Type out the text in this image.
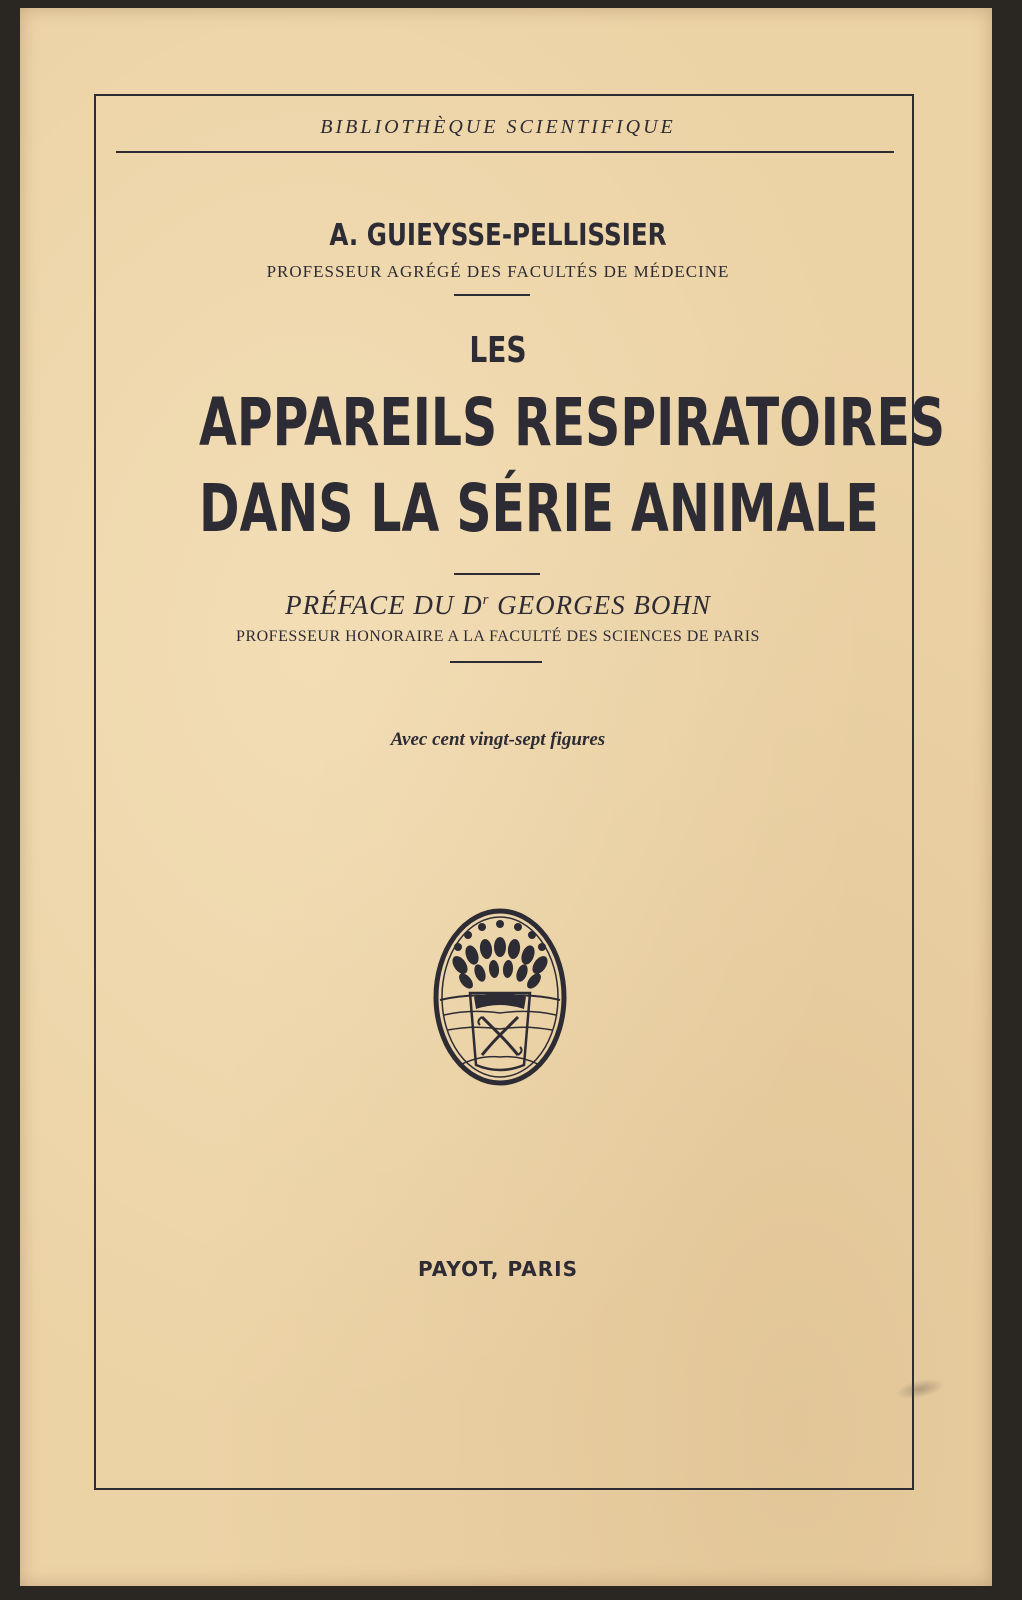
BIBLIOTHÈQUE SCIENTIFIQUE
A. GUIEYSSE-PELLISSIER
PROFESSEUR AGRÉGÉ DES FACULTÉS DE MÉDECINE
LES
APPAREILS RESPIRATOIRES
DANS LA SÉRIE ANIMALE
PRÉFACE DU $D^r$ GEORGES BOHN
PROFESSEUR HONORAIRE A LA FACULTÉ DES SCIENCES DE PARIS
Avec cent vingt-sept figures
PAYOT, PARIS
